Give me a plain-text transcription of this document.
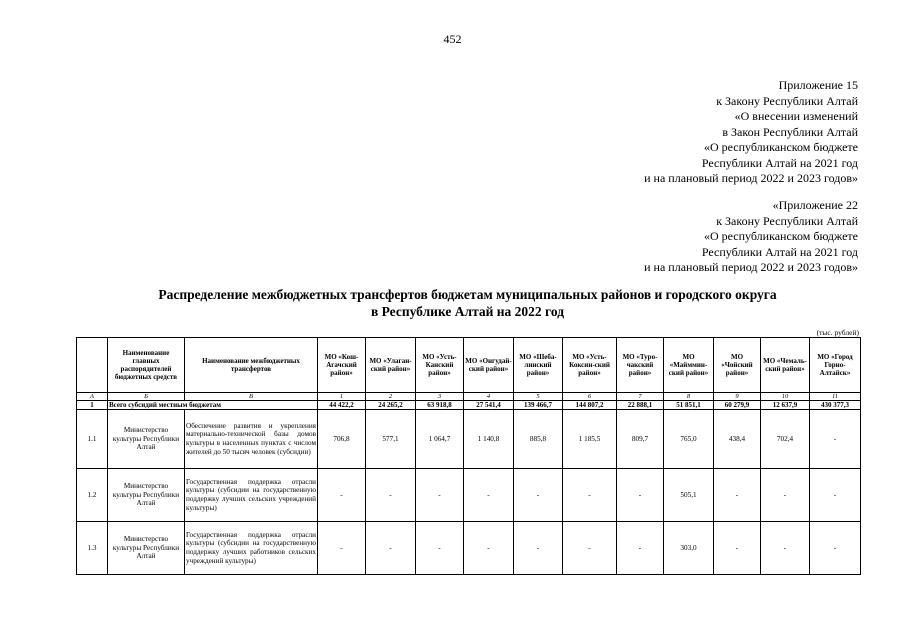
452
Приложение 15
к Закону Республики Алтай
«О внесении изменений
в Закон Республики Алтай
«О республиканском бюджете
Республики Алтай на 2021 год
и на плановый период 2022 и 2023 годов»
«Приложение 22
к Закону Республики Алтай
«О республиканском бюджете
Республики Алтай на 2021 год
и на плановый период 2022 и 2023 годов»
Распределение межбюджетных трансфертов бюджетам муниципальных районов и городского округа
в Республике Алтай на 2022 год
(тыс. рублей)
	Наименование главных распорядителей бюджетных средств	Наименование межбюджетных трансфертов	МО «Кош-Агачский район»	МО «Улаган-ский район»	МО «Усть-Канский район»	МО «Онгудай-ский район»	МО «Шеба-линский район»	МО «Усть-Коксин-ский район»	МО «Туро-чакский район»	МО «Майммин-ский район»	МО «Чойский район»	МО «Чемаль-ский район»	МО «Город Горно-Алтайск»
А	Б	В	1	2	3	4	5	6	7	8	9	10	11
1	Всего субсидий местным бюджетам		44 422,2	24 265,2	63 918,8	27 541,4	139 466,7	144 807,2	22 888,1	51 851,1	60 279,9	12 637,9	430 377,3
1.1	Министерство культуры Республики Алтай	Обеспечение развития и укрепления материально-технической базы домов культуры в населенных пунктах с числом жителей до 50 тысяч человек (субсидии)	706,8	577,1	1 064,7	1 140,8	885,8	1 185,5	809,7	765,0	438,4	702,4	-
1.2	Министерство культуры Республики Алтай	Государственная поддержка отрасли культуры (субсидии на государственную поддержку лучших сельских учреждений культуры)	-	-	-	-	-	-	-	505,1	-	-	-
1.3	Министерство культуры Республики Алтай	Государственная поддержка отрасли культуры (субсидии на государственную поддержку лучших работников сельских учреждений культуры)	-	-	-	-	-	-	-	303,0	-	-	-
